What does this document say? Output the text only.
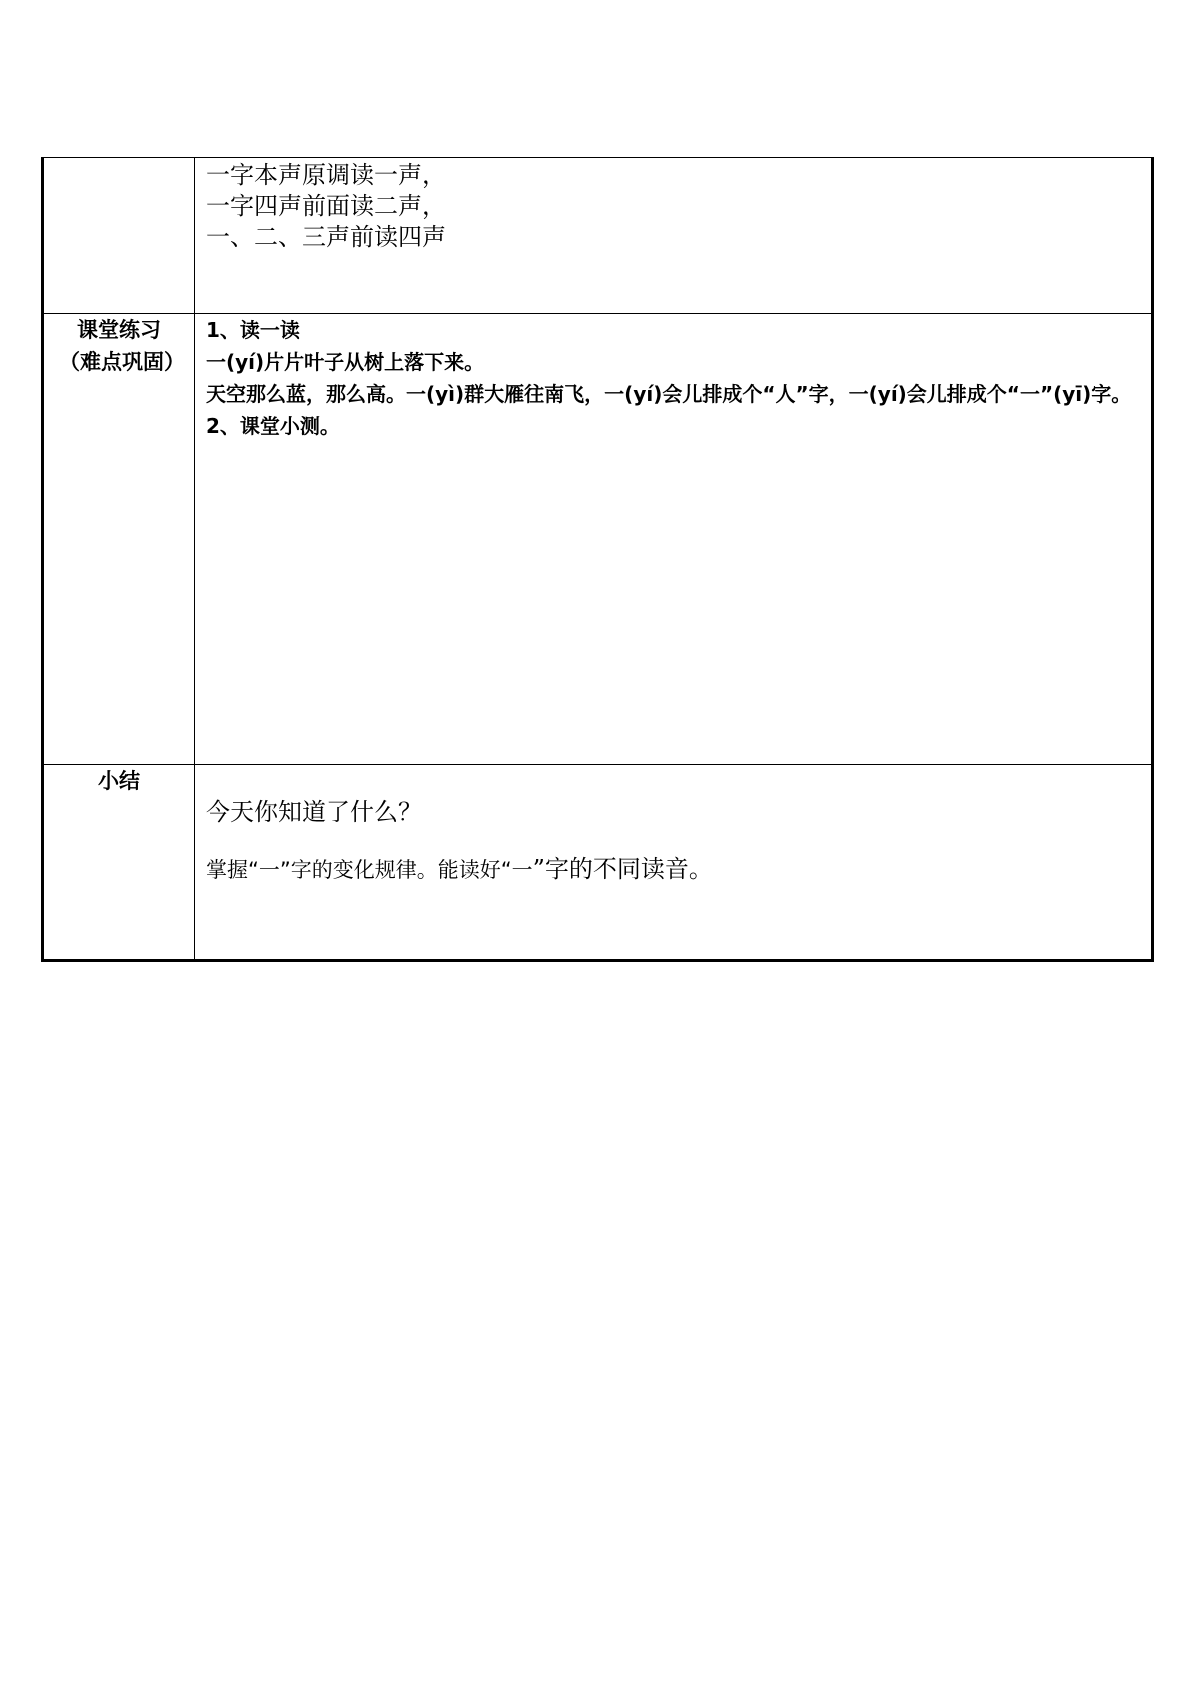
	一字本声原调读一声，
一字四声前面读二声，
一、二、三声前读四声

课堂练习（难点巩固）	1、读一读
一(yí)片片叶子从树上落下来。
天空那么蓝，那么高。一(yì)群大雁往南飞，一(yí)会儿排成个“人”字，一(yí)会儿排成个“一”(yī)字。
2、课堂小测。

小结	今天你知道了什么？
掌握“一”字的变化规律。能读好“一”字的不同读音。
